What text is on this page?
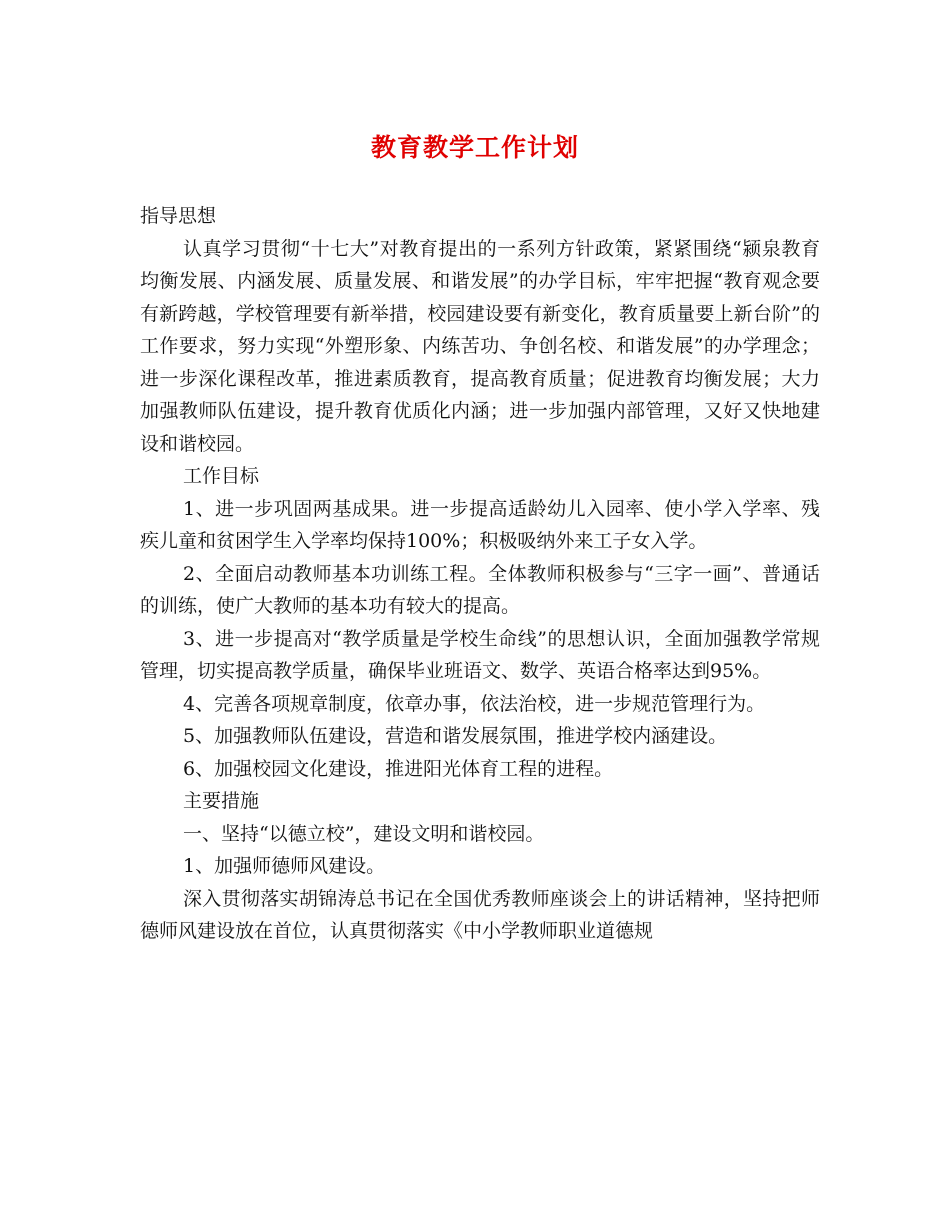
教育教学工作计划

指导思想

认真学习贯彻“十七大”对教育提出的一系列方针政策，紧紧围绕“颍泉教育均衡发展、内涵发展、质量发展、和谐发展”的办学目标，牢牢把握“教育观念要有新跨越，学校管理要有新举措，校园建设要有新变化，教育质量要上新台阶”的工作要求，努力实现“外塑形象、内练苦功、争创名校、和谐发展”的办学理念；进一步深化课程改革，推进素质教育，提高教育质量；促进教育均衡发展；大力加强教师队伍建设，提升教育优质化内涵；进一步加强内部管理，又好又快地建设和谐校园。

工作目标

1、进一步巩固两基成果。进一步提高适龄幼儿入园率、使小学入学率、残疾儿童和贫困学生入学率均保持100%；积极吸纳外来工子女入学。

2、全面启动教师基本功训练工程。全体教师积极参与“三字一画”、普通话的训练，使广大教师的基本功有较大的提高。

3、进一步提高对“教学质量是学校生命线”的思想认识，全面加强教学常规管理，切实提高教学质量，确保毕业班语文、数学、英语合格率达到95%。

4、完善各项规章制度，依章办事，依法治校，进一步规范管理行为。

5、加强教师队伍建设，营造和谐发展氛围，推进学校内涵建设。

6、加强校园文化建设，推进阳光体育工程的进程。

主要措施

一、坚持“以德立校”，建设文明和谐校园。

1、加强师德师风建设。

深入贯彻落实胡锦涛总书记在全国优秀教师座谈会上的讲话精神，坚持把师德师风建设放在首位，认真贯彻落实《中小学教师职业道德规
